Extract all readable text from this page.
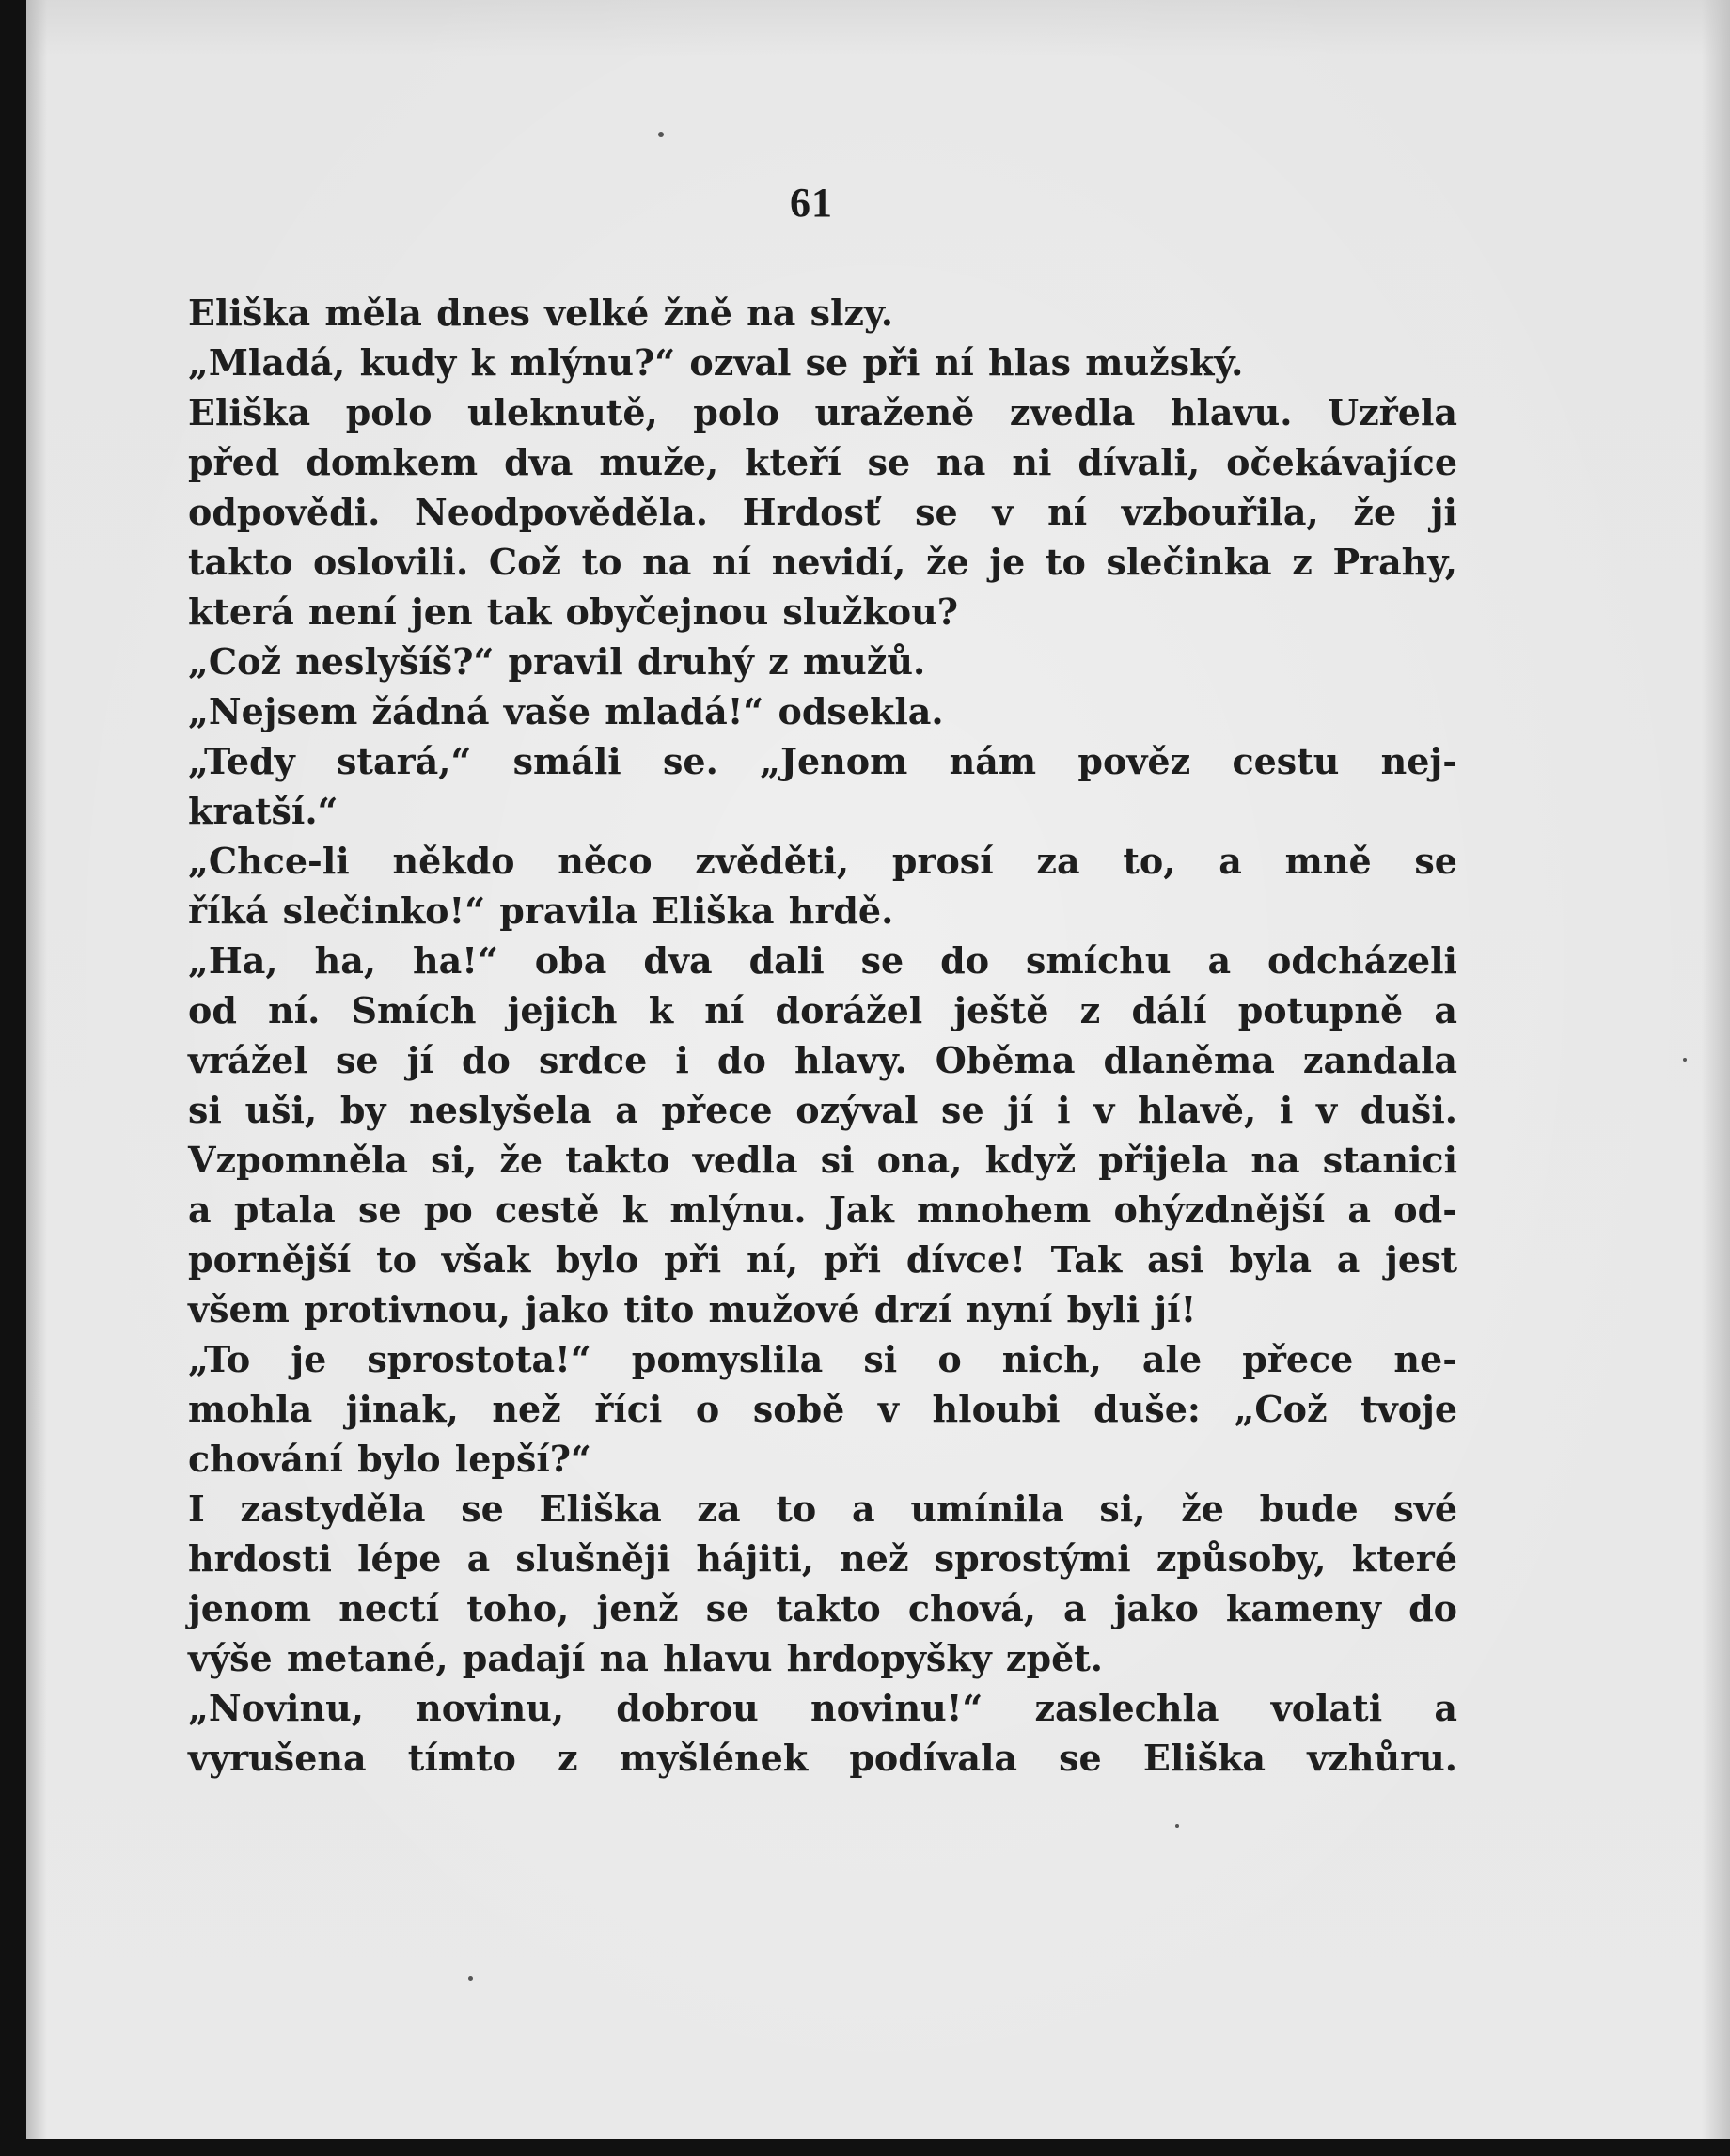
61
Eliška měla dnes velké žně na slzy.
„Mladá, kudy k mlýnu?“ ozval se při ní hlas mužský.
Eliška polo uleknutě, polo uraženě zvedla hlavu. Uzřela
před domkem dva muže, kteří se na ni dívali, očekávajíce
odpovědi. Neodpověděla. Hrdosť se v ní vzbouřila, že ji
takto oslovili. Což to na ní nevidí, že je to slečinka z Prahy,
která není jen tak obyčejnou služkou?
„Což neslyšíš?“ pravil druhý z mužů.
„Nejsem žádná vaše mladá!“ odsekla.
„Tedy stará,“ smáli se. „Jenom nám pověz cestu nej-
kratší.“
„Chce-li někdo něco zvěděti, prosí za to, a mně se
říká slečinko!“ pravila Eliška hrdě.
„Ha, ha, ha!“ oba dva dali se do smíchu a odcházeli
od ní. Smích jejich k ní dorážel ještě z dálí potupně a
vrážel se jí do srdce i do hlavy. Oběma dlaněma zandala
si uši, by neslyšela a přece ozýval se jí i v hlavě, i v duši.
Vzpomněla si, že takto vedla si ona, když přijela na stanici
a ptala se po cestě k mlýnu. Jak mnohem ohýzdnější a od-
pornější to však bylo při ní, při dívce! Tak asi byla a jest
všem protivnou, jako tito mužové drzí nyní byli jí!
„To je sprostota!“ pomyslila si o nich, ale přece ne-
mohla jinak, než říci o sobě v hloubi duše: „Což tvoje
chování bylo lepší?“
I zastyděla se Eliška za to a umínila si, že bude své
hrdosti lépe a slušněji hájiti, než sprostými způsoby, které
jenom nectí toho, jenž se takto chová, a jako kameny do
výše metané, padají na hlavu hrdopyšky zpět.
„Novinu, novinu, dobrou novinu!“ zaslechla volati a
vyrušena tímto z myšlének podívala se Eliška vzhůru.
